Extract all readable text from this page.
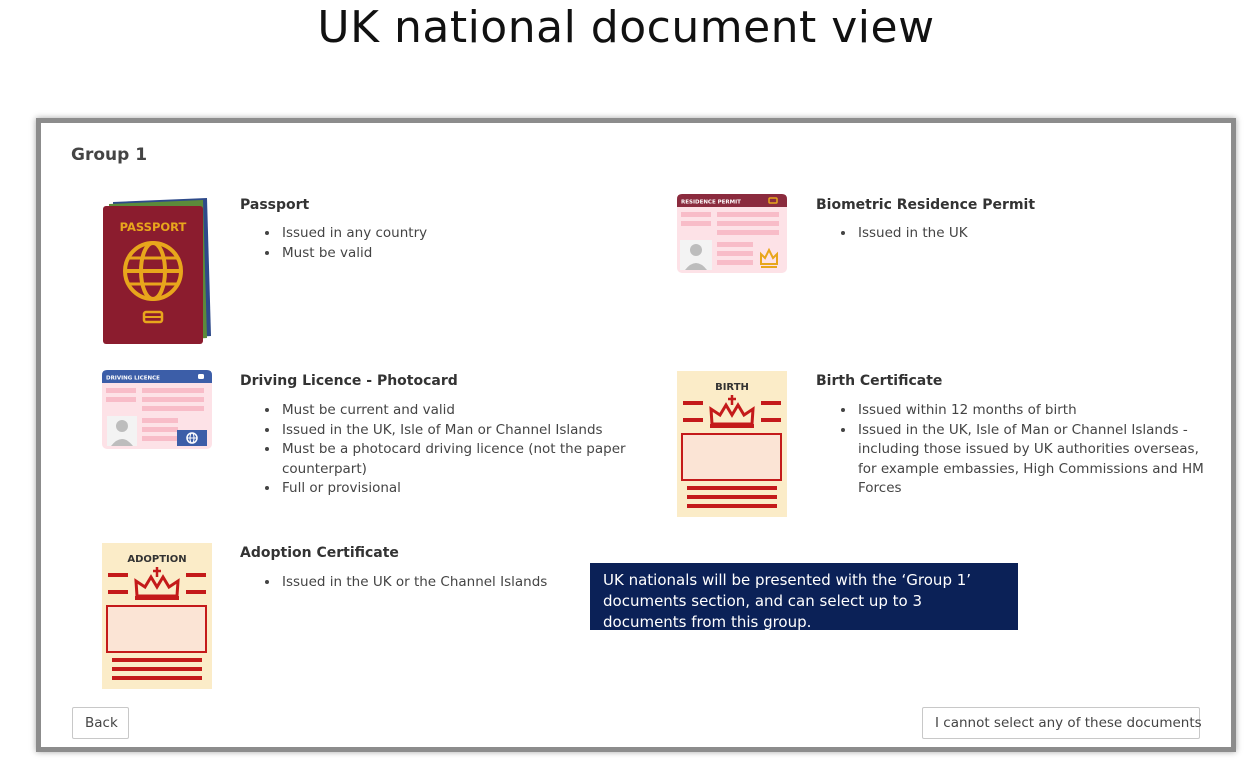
UK national document view
Group 1
PASSPORT
Passport
• Issued in any country
• Must be valid
RESIDENCE PERMIT	Biometric Residence Permit
• Issued in the UK
DRIVING LICENCE	Driving Licence - Photocard
• Must be current and valid
• Issued in the UK, Isle of Man or Channel Islands
• Must be a photocard driving licence (not the paper counterpart)
• Full or provisional
BIRTH	Birth Certificate
• Issued within 12 months of birth
• Issued in the UK, Isle of Man or Channel Islands - including those issued by UK authorities overseas, for example embassies, High Commissions and HM Forces
ADOPTION	Adoption Certificate
• Issued in the UK or the Channel Islands	UK nationals will be presented with the ‘Group 1’ documents section, and can select up to 3 documents from this group.
Back	I cannot select any of these documents
